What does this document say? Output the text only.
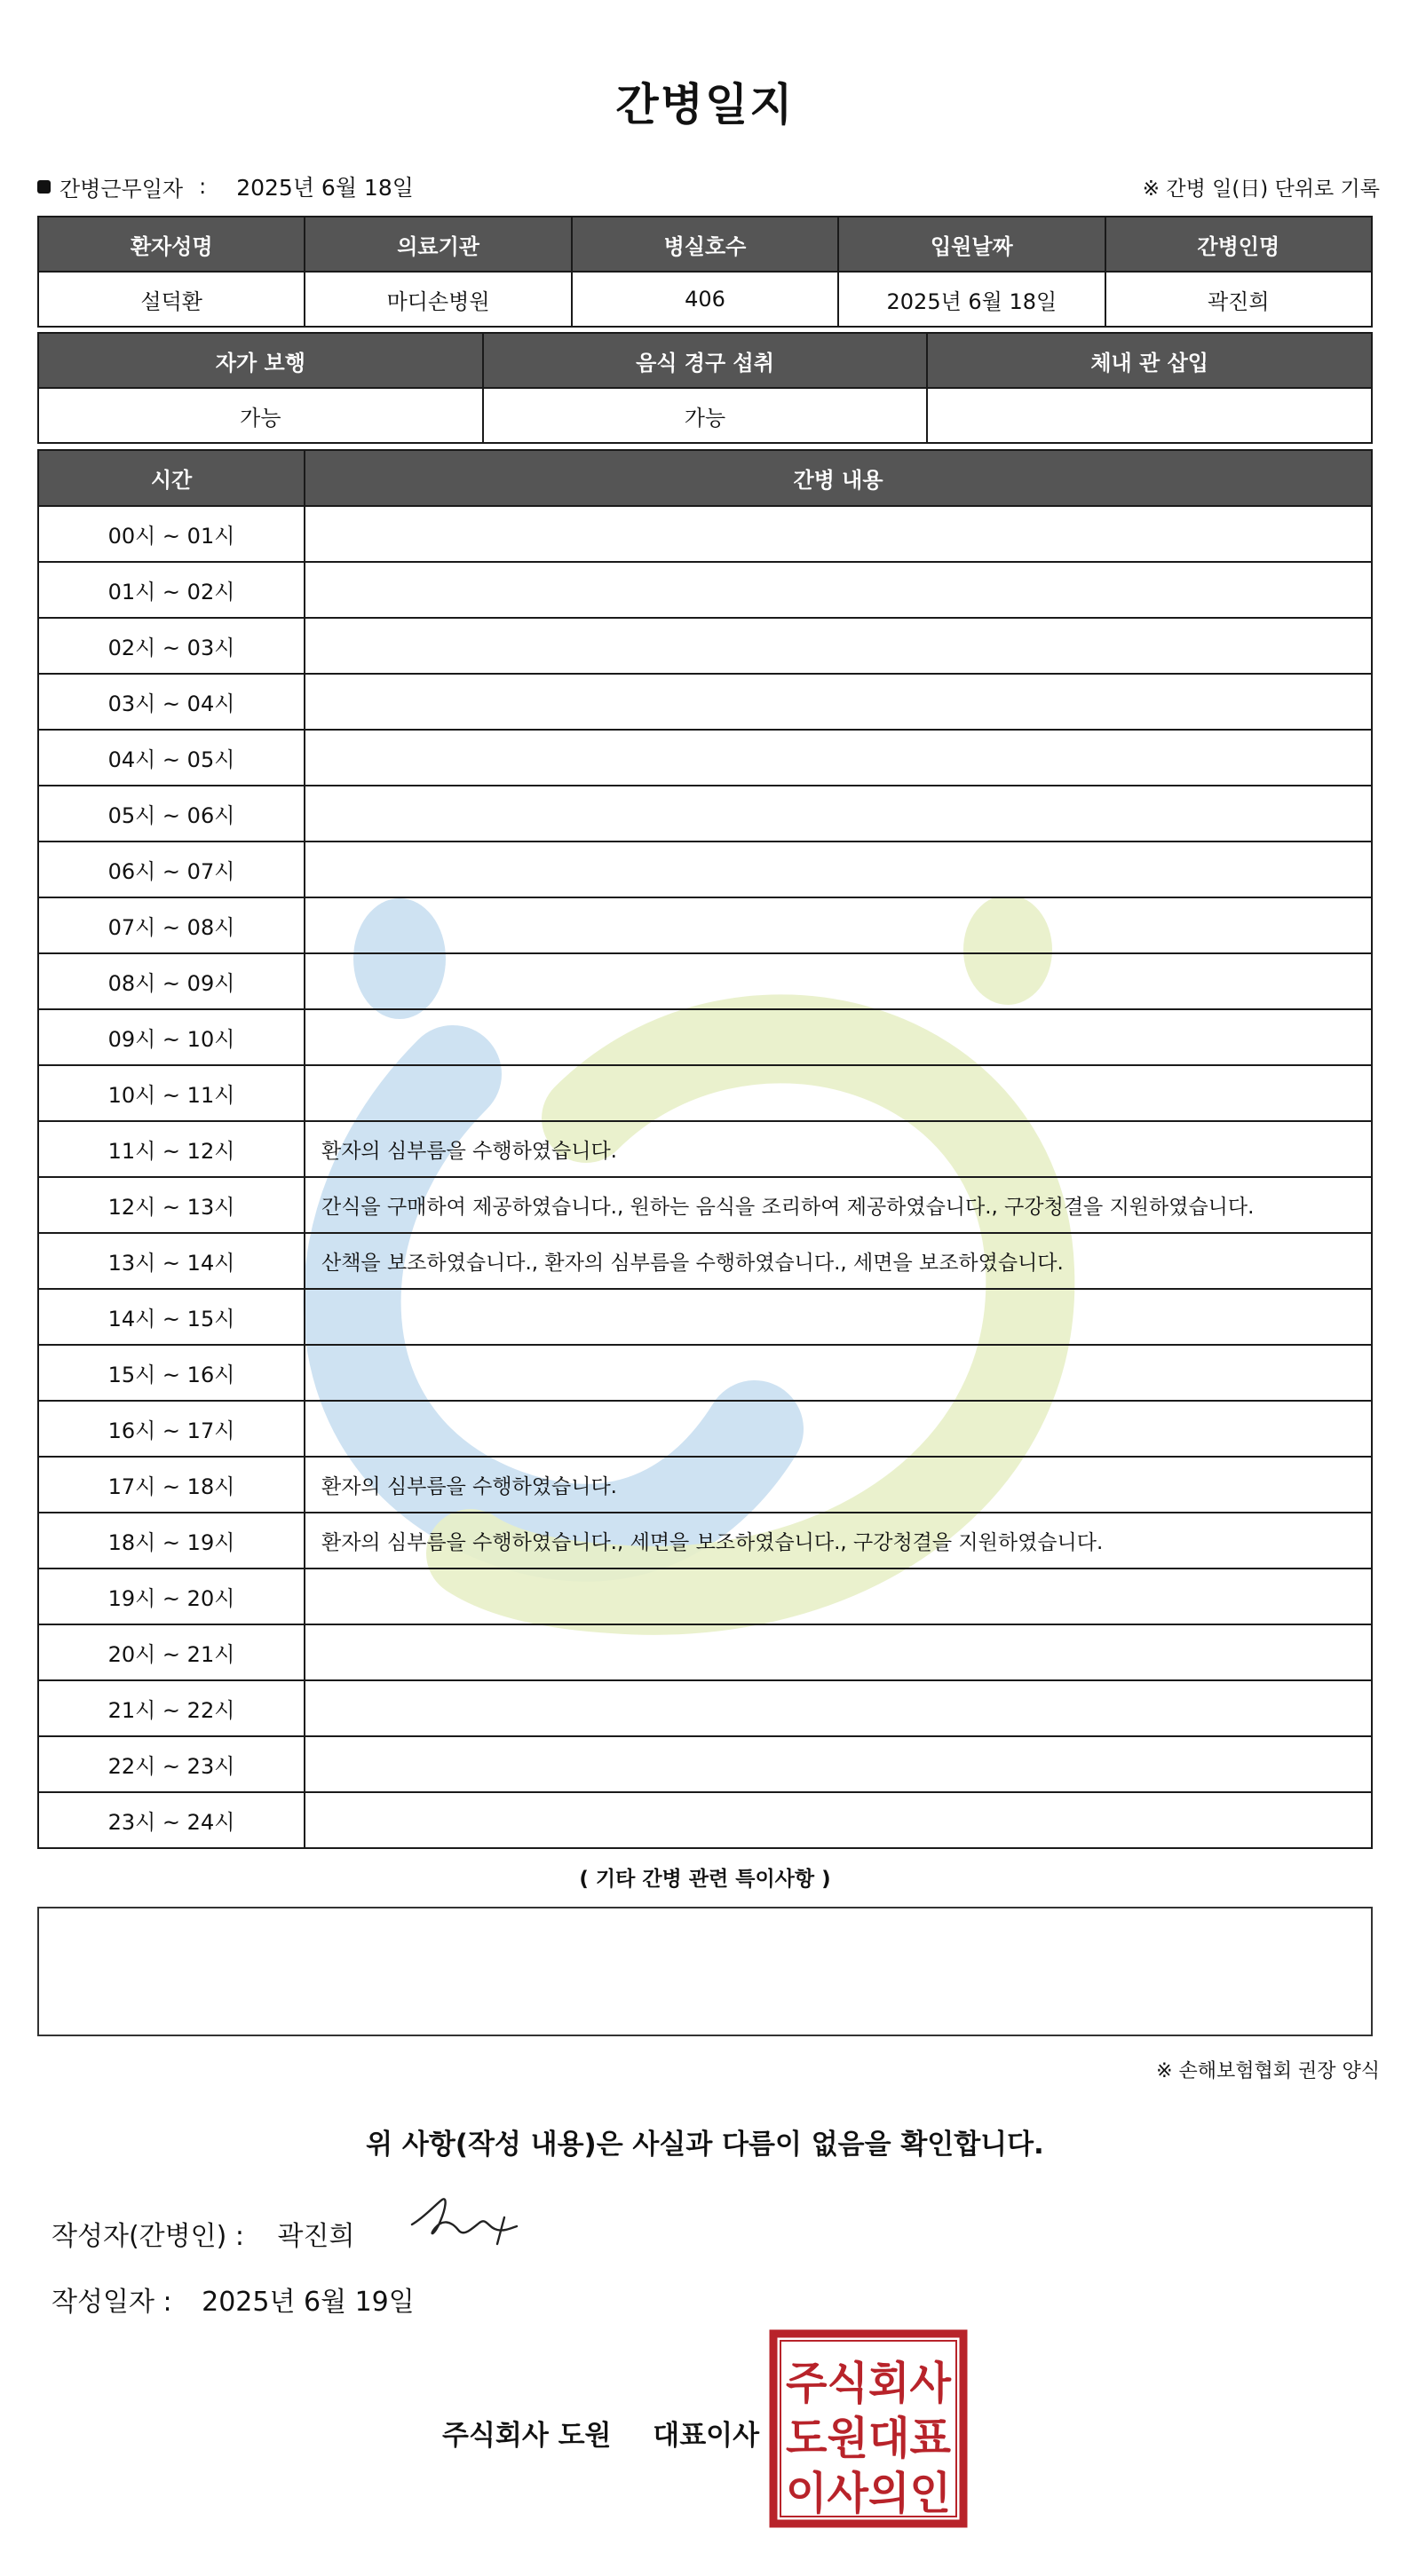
간병일지
간병근무일자 : 2025년 6월 18일	※ 간병 일(日) 단위로 기록
환자성명	의료기관	병실호수	입원날짜	간병인명
설덕환	마디손병원	406	2025년 6월 18일	곽진희
자가 보행	음식 경구 섭취	체내 관 삽입
가능	가능	
시간	간병 내용
00시 ~ 01시	
01시 ~ 02시	
02시 ~ 03시	
03시 ~ 04시	
04시 ~ 05시	
05시 ~ 06시	
06시 ~ 07시	
07시 ~ 08시	
08시 ~ 09시	
09시 ~ 10시	
10시 ~ 11시	
11시 ~ 12시	환자의 심부름을 수행하였습니다.
12시 ~ 13시	간식을 구매하여 제공하였습니다., 원하는 음식을 조리하여 제공하였습니다., 구강청결을 지원하였습니다.
13시 ~ 14시	산책을 보조하였습니다., 환자의 심부름을 수행하였습니다., 세면을 보조하였습니다.
14시 ~ 15시	
15시 ~ 16시	
16시 ~ 17시	
17시 ~ 18시	환자의 심부름을 수행하였습니다.
18시 ~ 19시	환자의 심부름을 수행하였습니다., 세면을 보조하였습니다., 구강청결을 지원하였습니다.
19시 ~ 20시	
20시 ~ 21시	
21시 ~ 22시	
22시 ~ 23시	
23시 ~ 24시	
( 기타 간병 관련 특이사항 )
※ 손해보험협회 권장 양식
위 사항(작성 내용)은 사실과 다름이 없음을 확인합니다.
작성자(간병인) : 곽진희
작성일자 : 2025년 6월 19일
주식회사 도원 대표이사
주식회사
도원대표
이사의인
